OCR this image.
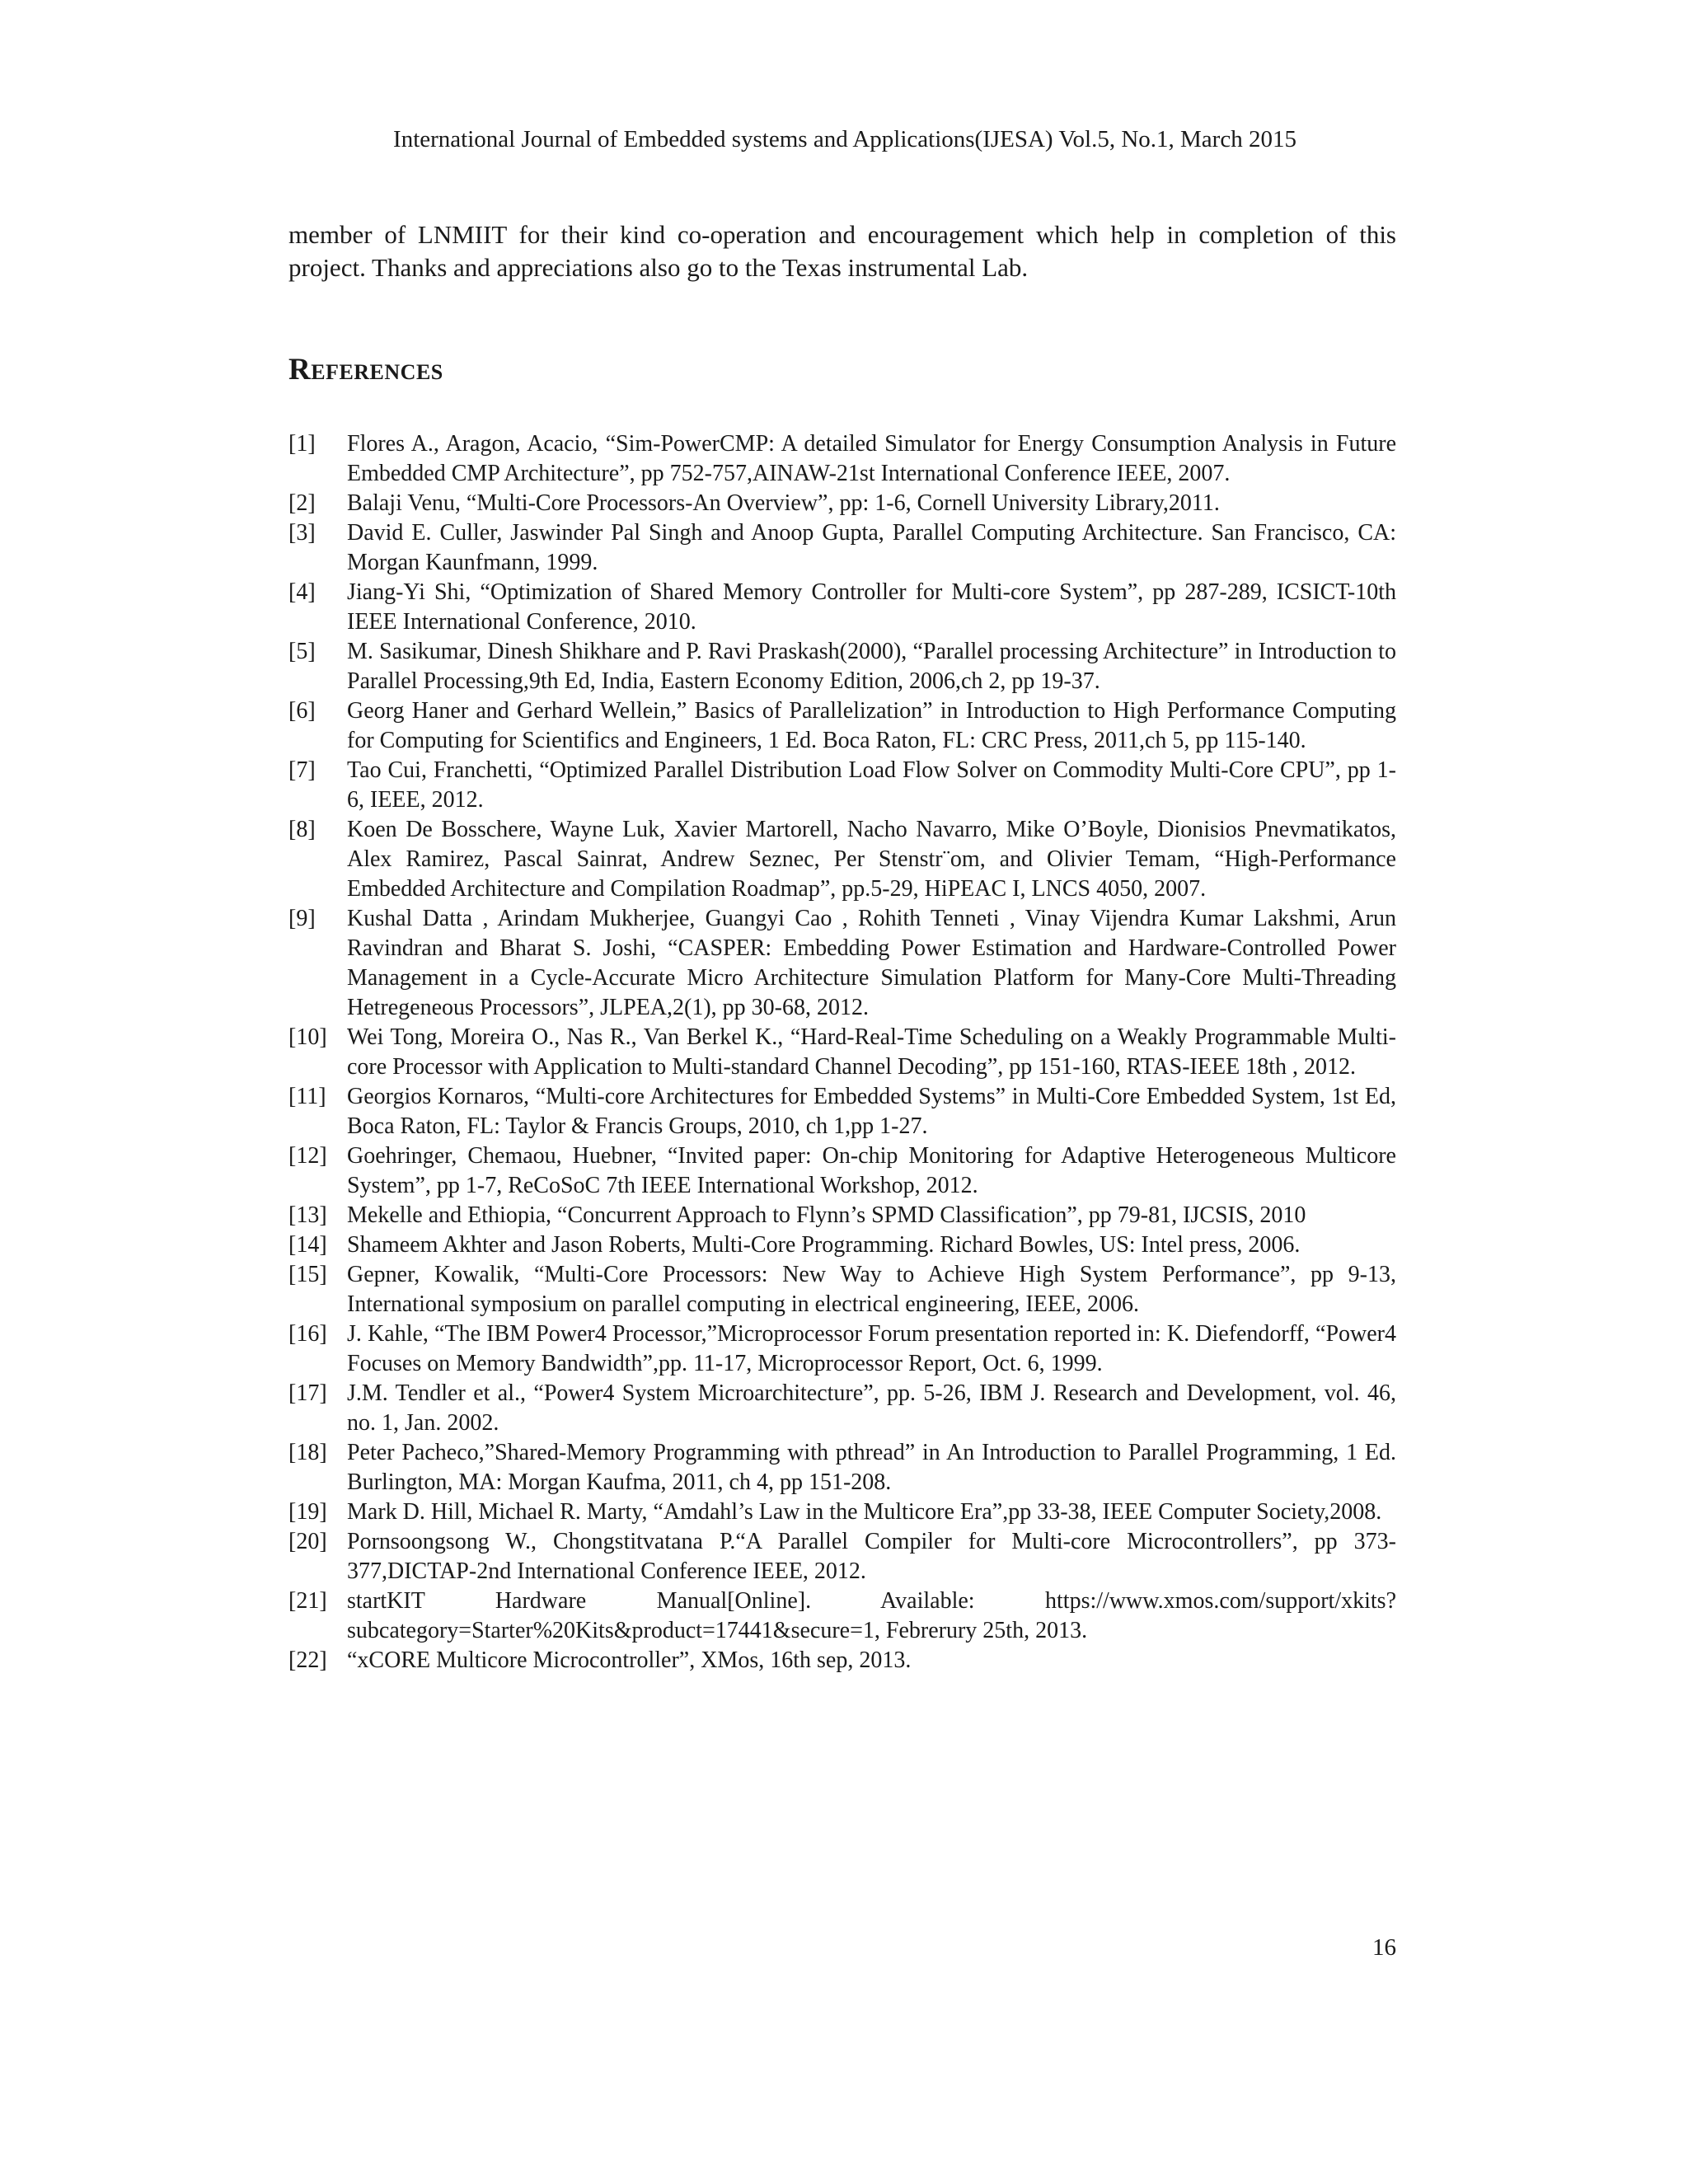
International Journal of Embedded systems and Applications(IJESA) Vol.5, No.1, March 2015

member of LNMIIT for their kind co-operation and encouragement which help in completion of this project. Thanks and appreciations also go to the Texas instrumental Lab.

References
[1] Flores A., Aragon, Acacio, “Sim-PowerCMP: A detailed Simulator for Energy Consumption Analysis in Future Embedded CMP Architecture”, pp 752-757,AINAW-21st International Conference IEEE, 2007.
[2] Balaji Venu, “Multi-Core Processors-An Overview”, pp: 1-6, Cornell University Library,2011.
[3] David E. Culler, Jaswinder Pal Singh and Anoop Gupta, Parallel Computing Architecture. San Francisco, CA: Morgan Kaunfmann, 1999.
[4] Jiang-Yi Shi, “Optimization of Shared Memory Controller for Multi-core System”, pp 287-289, ICSICT-10th IEEE International Conference, 2010.
[5] M. Sasikumar, Dinesh Shikhare and P. Ravi Praskash(2000), “Parallel processing Architecture” in Introduction to Parallel Processing,9th Ed, India, Eastern Economy Edition, 2006,ch 2, pp 19-37.
[6] Georg Haner and Gerhard Wellein,” Basics of Parallelization” in Introduction to High Performance Computing for Computing for Scientifics and Engineers, 1 Ed. Boca Raton, FL: CRC Press, 2011,ch 5, pp 115-140.
[7] Tao Cui, Franchetti, “Optimized Parallel Distribution Load Flow Solver on Commodity Multi-Core CPU”, pp 1-6, IEEE, 2012.
[8] Koen De Bosschere, Wayne Luk, Xavier Martorell, Nacho Navarro, Mike O’Boyle, Dionisios Pnevmatikatos, Alex Ramirez, Pascal Sainrat, Andrew Seznec, Per Stenstr¨om, and Olivier Temam, “High-Performance Embedded Architecture and Compilation Roadmap”, pp.5-29, HiPEAC I, LNCS 4050, 2007.
[9] Kushal Datta , Arindam Mukherjee, Guangyi Cao , Rohith Tenneti , Vinay Vijendra Kumar Lakshmi, Arun Ravindran and Bharat S. Joshi, “CASPER: Embedding Power Estimation and Hardware-Controlled Power Management in a Cycle-Accurate Micro Architecture Simulation Platform for Many-Core Multi-Threading Hetregeneous Processors”, JLPEA,2(1), pp 30-68, 2012.
[10] Wei Tong, Moreira O., Nas R., Van Berkel K., “Hard-Real-Time Scheduling on a Weakly Programmable Multi-core Processor with Application to Multi-standard Channel Decoding”, pp 151-160, RTAS-IEEE 18th , 2012.
[11] Georgios Kornaros, “Multi-core Architectures for Embedded Systems” in Multi-Core Embedded System, 1st Ed, Boca Raton, FL: Taylor & Francis Groups, 2010, ch 1,pp 1-27.
[12] Goehringer, Chemaou, Huebner, “Invited paper: On-chip Monitoring for Adaptive Heterogeneous Multicore System”, pp 1-7, ReCoSoC 7th IEEE International Workshop, 2012.
[13] Mekelle and Ethiopia, “Concurrent Approach to Flynn’s SPMD Classification”, pp 79-81, IJCSIS, 2010
[14] Shameem Akhter and Jason Roberts, Multi-Core Programming. Richard Bowles, US: Intel press, 2006.
[15] Gepner, Kowalik, “Multi-Core Processors: New Way to Achieve High System Performance”, pp 9-13, International symposium on parallel computing in electrical engineering, IEEE, 2006.
[16] J. Kahle, “The IBM Power4 Processor,”Microprocessor Forum presentation reported in: K. Diefendorff, “Power4 Focuses on Memory Bandwidth”,pp. 11-17, Microprocessor Report, Oct. 6, 1999.
[17] J.M. Tendler et al., “Power4 System Microarchitecture”, pp. 5-26, IBM J. Research and Development, vol. 46, no. 1, Jan. 2002.
[18] Peter Pacheco,”Shared-Memory Programming with pthread” in An Introduction to Parallel Programming, 1 Ed. Burlington, MA: Morgan Kaufma, 2011, ch 4, pp 151-208.
[19] Mark D. Hill, Michael R. Marty, “Amdahl’s Law in the Multicore Era”,pp 33-38, IEEE Computer Society,2008.
[20] Pornsoongsong W., Chongstitvatana P.“A Parallel Compiler for Multi-core Microcontrollers”, pp 373-377,DICTAP-2nd International Conference IEEE, 2012.
[21] startKIT Hardware Manual[Online]. Available: https://www.xmos.com/support/xkits?subcategory=Starter%20Kits&product=17441&secure=1, Febrerury 25th, 2013.
[22] “xCORE Multicore Microcontroller”, XMos, 16th sep, 2013.
16
